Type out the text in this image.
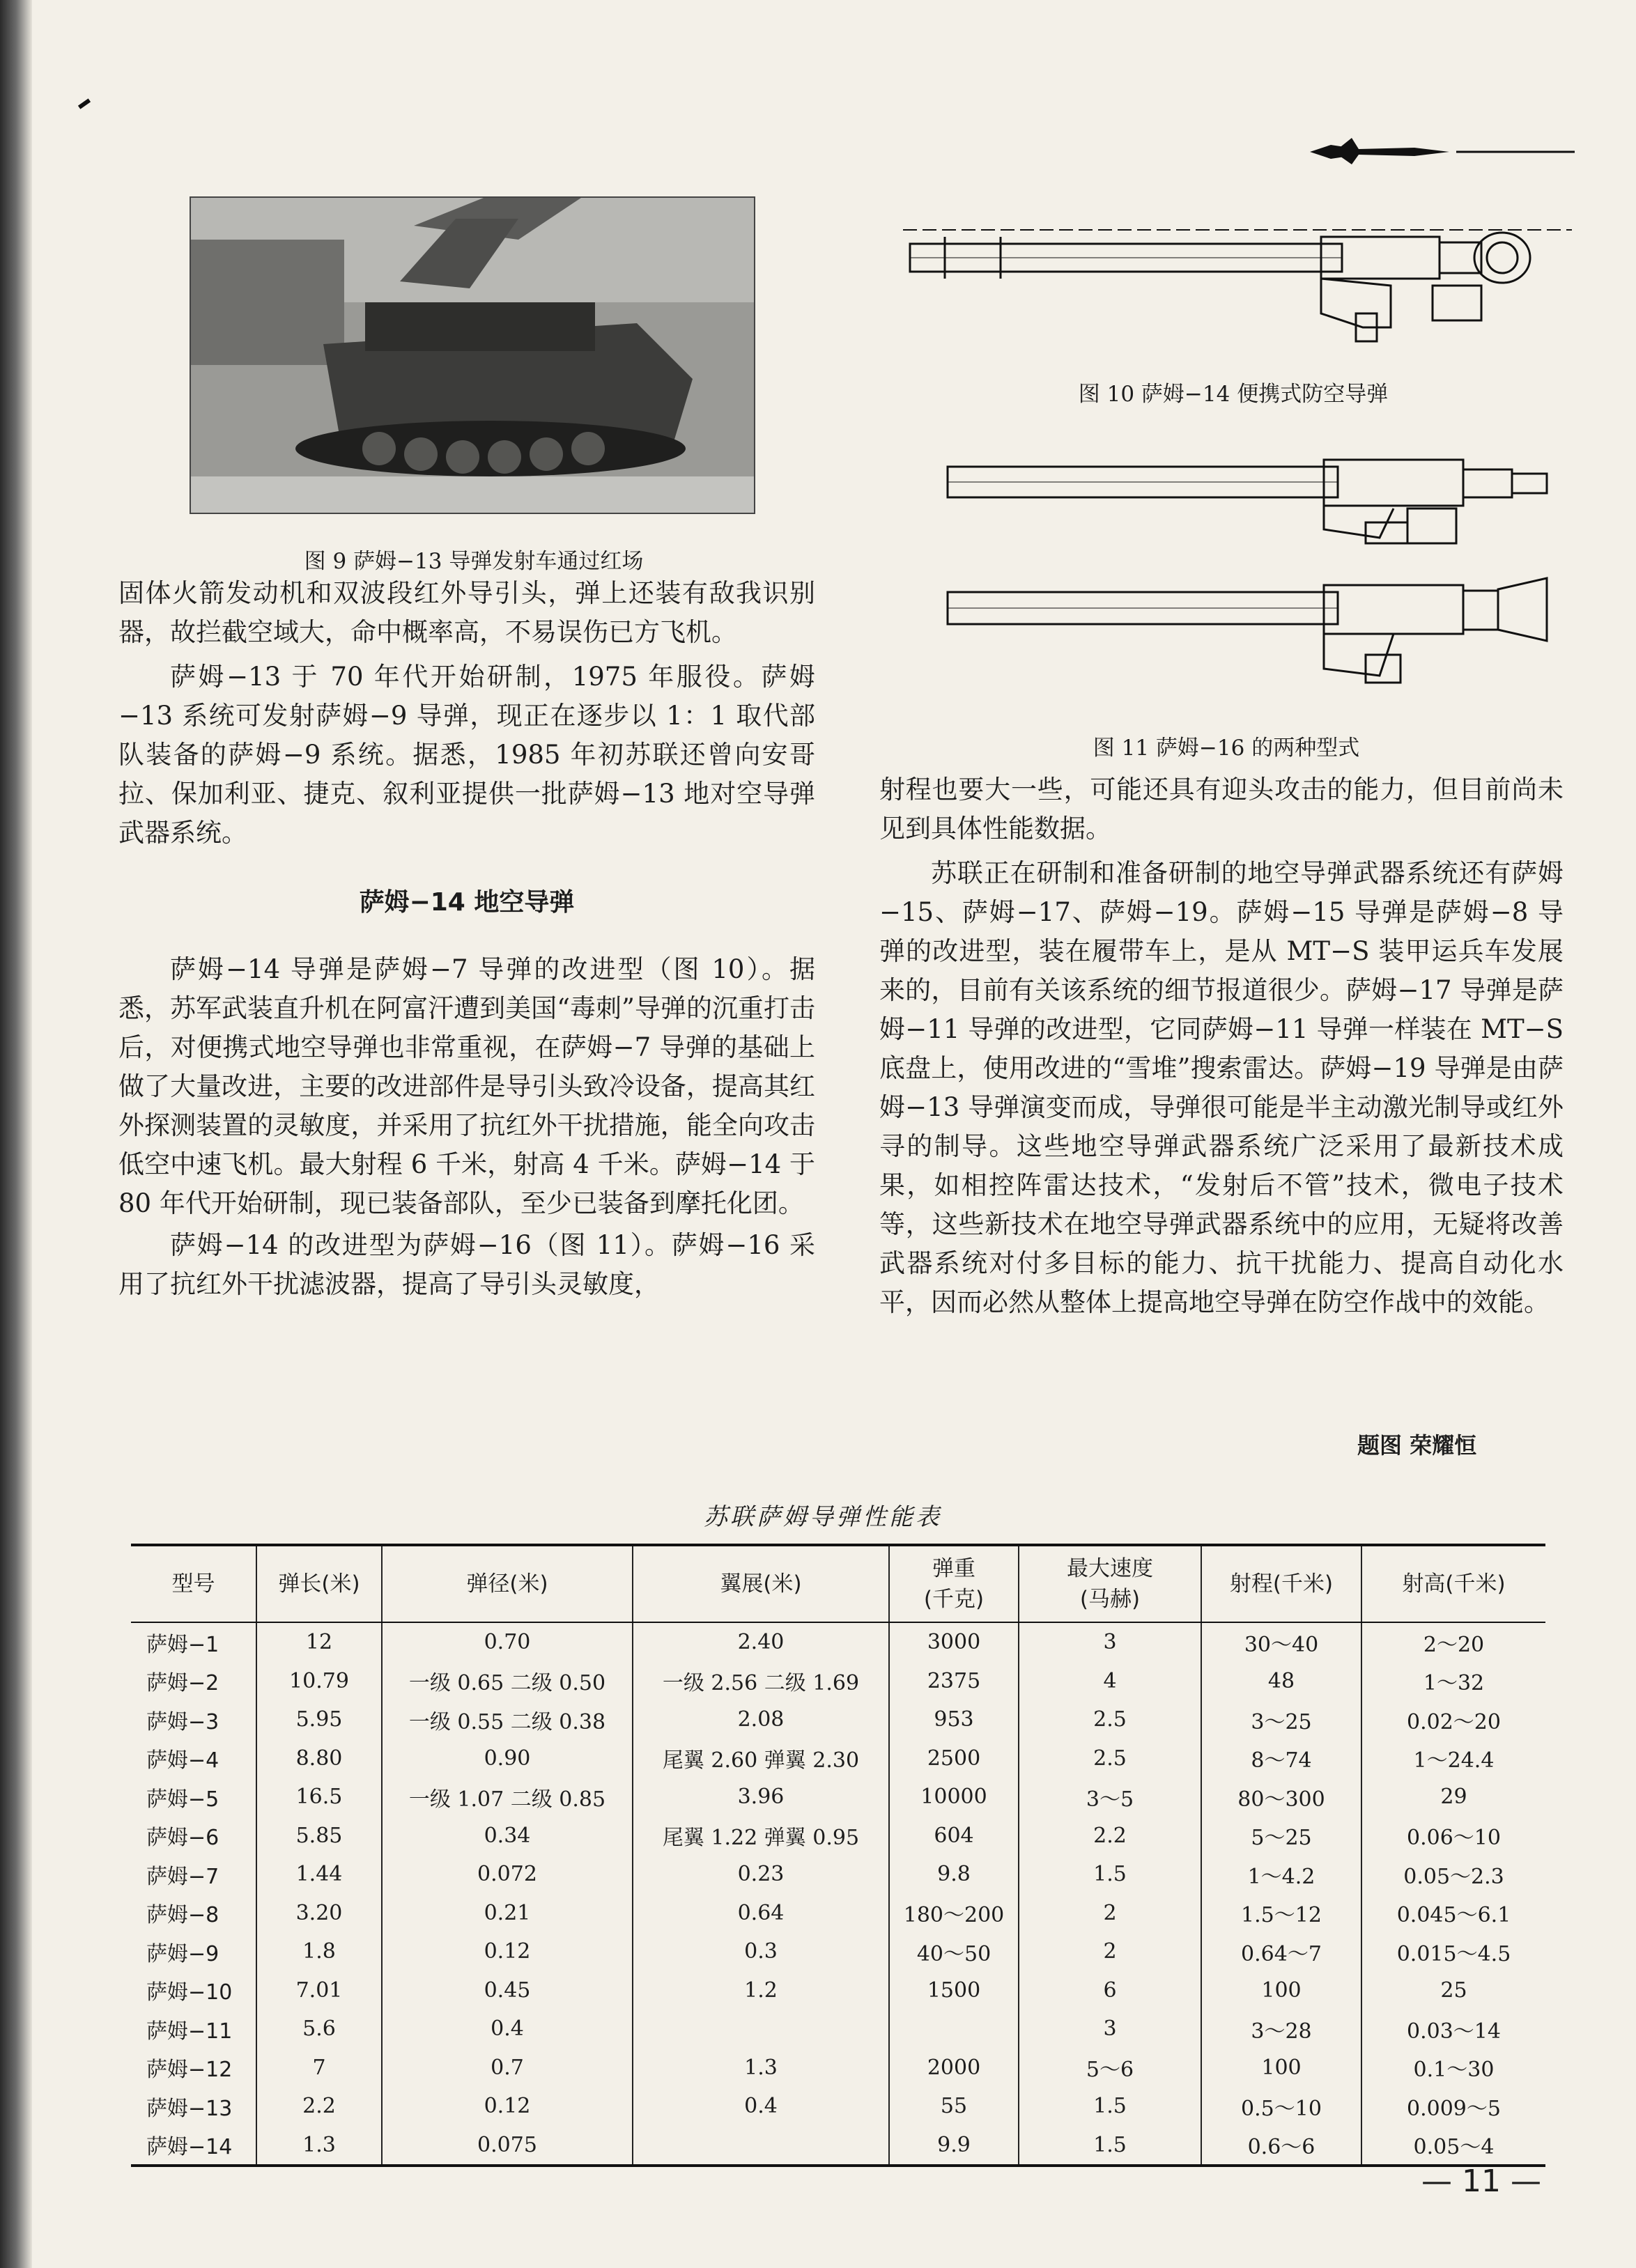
图 9 萨姆−13 导弹发射车通过红场
图 10 萨姆−14 便携式防空导弹
图 11 萨姆−16 的两种型式

固体火箭发动机和双波段红外导引头，弹上还装有敌我识别器，故拦截空域大，命中概率高，不易误伤已方飞机。

萨姆−13 于 70 年代开始研制，1975 年服役。萨姆−13 系统可发射萨姆−9 导弹，现正在逐步以 1：1 取代部队装备的萨姆−9 系统。据悉，1985 年初苏联还曾向安哥拉、保加利亚、捷克、叙利亚提供一批萨姆−13 地对空导弹武器系统。

萨姆−14 地空导弹

萨姆−14 导弹是萨姆−7 导弹的改进型（图 10）。据悉，苏军武装直升机在阿富汗遭到美国“毒刺”导弹的沉重打击后，对便携式地空导弹也非常重视，在萨姆−7 导弹的基础上做了大量改进，主要的改进部件是导引头致冷设备，提高其红外探测装置的灵敏度，并采用了抗红外干扰措施，能全向攻击低空中速飞机。最大射程 6 千米，射高 4 千米。萨姆−14 于 80 年代开始研制，现已装备部队，至少已装备到摩托化团。

萨姆−14 的改进型为萨姆−16（图 11）。萨姆−16 采用了抗红外干扰滤波器，提高了导引头灵敏度，

射程也要大一些，可能还具有迎头攻击的能力，但目前尚未见到具体性能数据。

苏联正在研制和准备研制的地空导弹武器系统还有萨姆−15、萨姆−17、萨姆−19。萨姆−15 导弹是萨姆−8 导弹的改进型，装在履带车上，是从 MT−S 装甲运兵车发展来的，目前有关该系统的细节报道很少。萨姆−17 导弹是萨姆−11 导弹的改进型，它同萨姆−11 导弹一样装在 MT−S 底盘上，使用改进的“雪堆”搜索雷达。萨姆−19 导弹是由萨姆−13 导弹演变而成，导弹很可能是半主动激光制导或红外寻的制导。这些地空导弹武器系统广泛采用了最新技术成果，如相控阵雷达技术，“发射后不管”技术，微电子技术等，这些新技术在地空导弹武器系统中的应用，无疑将改善武器系统对付多目标的能力、抗干扰能力、提高自动化水平，因而必然从整体上提高地空导弹在防空作战中的效能。

题图 荣耀恒
苏联萨姆导弹性能表
型号	弹长(米)	弹径(米)	翼展(米)	弹重
(千克)	最大速度
(马赫)	射程(千米)	射高(千米)
萨姆−1	12	0.70	2.40	3000	3	30～40	2～20
萨姆−2	10.79	一级 0.65 二级 0.50	一级 2.56 二级 1.69	2375	4	48	1～32
萨姆−3	5.95	一级 0.55 二级 0.38	2.08	953	2.5	3～25	0.02～20
萨姆−4	8.80	0.90	尾翼 2.60 弹翼 2.30	2500	2.5	8～74	1～24.4
萨姆−5	16.5	一级 1.07 二级 0.85	3.96	10000	3～5	80～300	29
萨姆−6	5.85	0.34	尾翼 1.22 弹翼 0.95	604	2.2	5～25	0.06～10
萨姆−7	1.44	0.072	0.23	9.8	1.5	1～4.2	0.05～2.3
萨姆−8	3.20	0.21	0.64	180～200	2	1.5～12	0.045～6.1
萨姆−9	1.8	0.12	0.3	40～50	2	0.64～7	0.015～4.5
萨姆−10	7.01	0.45	1.2	1500	6	100	25
萨姆−11	5.6	0.4			3	3～28	0.03～14
萨姆−12	7	0.7	1.3	2000	5～6	100	0.1～30
萨姆−13	2.2	0.12	0.4	55	1.5	0.5～10	0.009～5
萨姆−14	1.3	0.075		9.9	1.5	0.6～6	0.05～4
— 11 —
